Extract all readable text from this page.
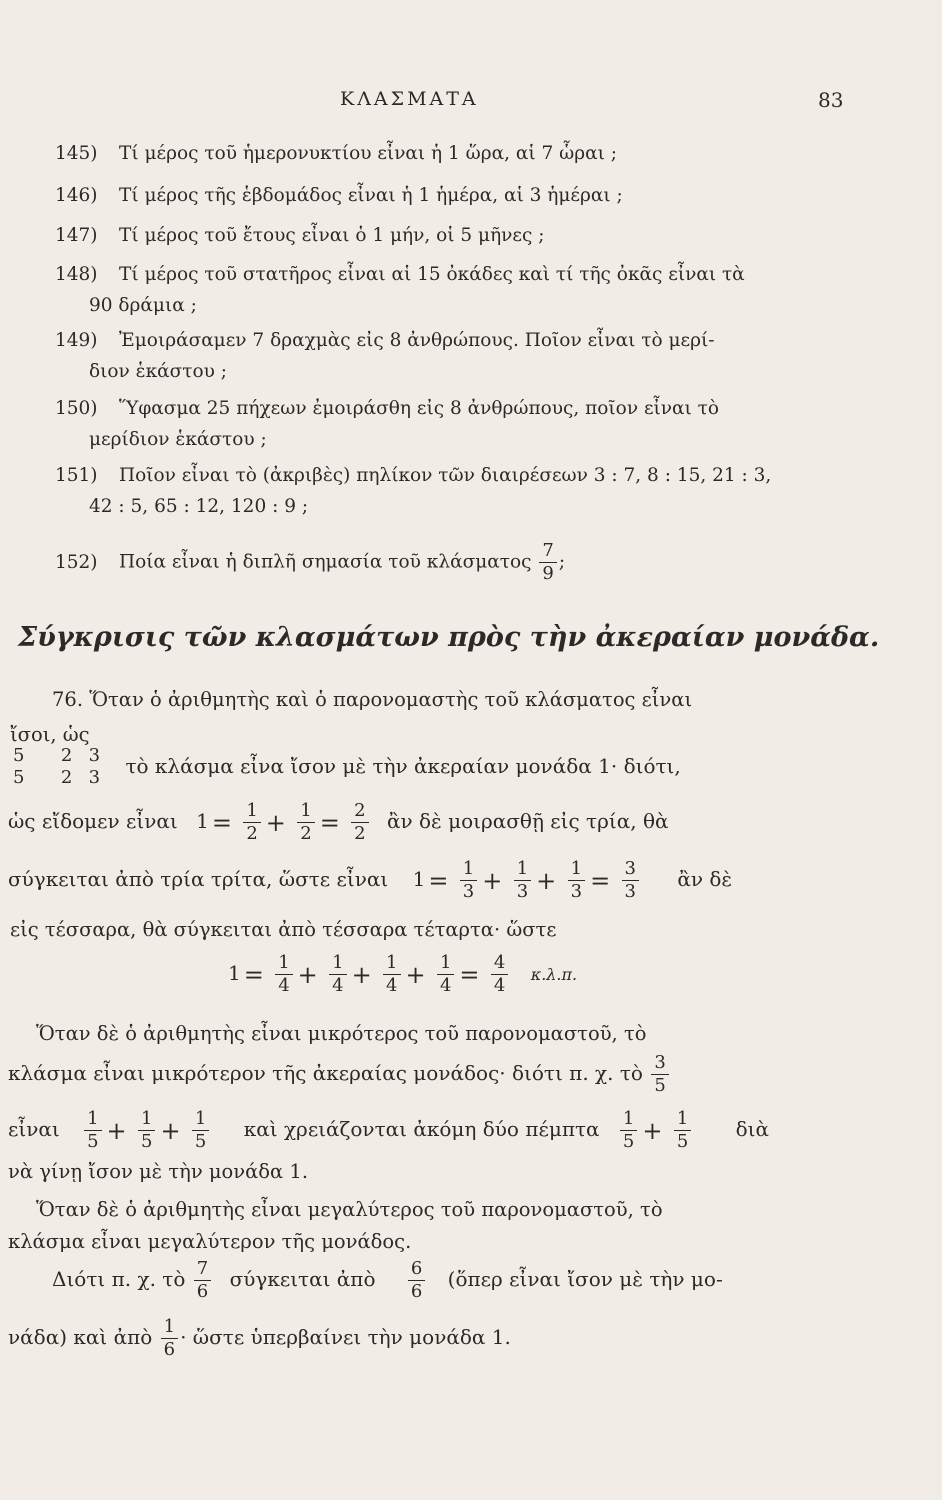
ΚΛΑΣΜΑΤΑ	83
145) Τί μέρος τοῦ ἡμερονυκτίου εἶναι ἡ 1 ὥρα, αἱ 7 ὧραι ;
146) Τί μέρος τῆς ἑβδομάδος εἶναι ἡ 1 ἡμέρα, αἱ 3 ἡμέραι ;
147) Τί μέρος τοῦ ἔτους εἶναι ὁ 1 μήν, οἱ 5 μῆνες ;
148) Τί μέρος τοῦ στατῆρος εἶναι αἱ 15 ὀκάδες καὶ τί τῆς ὀκᾶς εἶναι τὰ
90 δράμια ;
149) Ἐμοιράσαμεν 7 δραχμὰς εἰς 8 ἀνθρώπους. Ποῖον εἶναι τὸ μερί-
διον ἑκάστου ;
150) Ὕφασμα 25 πήχεων ἐμοιράσθη εἰς 8 ἀνθρώπους, ποῖον εἶναι τὸ
μερίδιον ἑκάστου ;
151) Ποῖον εἶναι τὸ (ἀκριβὲς) πηλίκον τῶν διαιρέσεων 3 : 7, 8 : 15, 21 : 3,
42 : 5, 65 : 12, 120 : 9 ;
152) Ποία εἶναι ἡ διπλῆ σημασία τοῦ κλάσματος $\frac{7}{9}$ ;
Σύγκρισις τῶν κλασμάτων πρὸς τὴν ἀκεραίαν μονάδα.
76. Ὅταν ὁ ἀριθμητὴς καὶ ὁ παρονομαστὴς τοῦ κλάσματος εἶναι
ἴσοι, ὡς
5
5

2
2

3
3 τὸ κλάσμα εἶνα ἴσον μὲ τὴν ἀκεραίαν μονάδα 1· διότι,
ὡς εἴδομεν εἶναι $1 = \frac{1}{2} + \frac{1}{2} = \frac{2}{2}$ ἂν δὲ μοιρασθῇ εἰς τρία, θὰ
σύγκειται ἀπὸ τρία τρίτα, ὥστε εἶναι $1 = \frac{1}{3} + \frac{1}{3} + \frac{1}{3} = \frac{3}{3}$ ἂν δὲ
εἰς τέσσαρα, θὰ σύγκειται ἀπὸ τέσσαρα τέταρτα· ὥστε
$1 = \frac{1}{4} + \frac{1}{4} + \frac{1}{4} + \frac{1}{4} = \frac{4}{4} \kappa.\lambda.\pi$.
Ὅταν δὲ ὁ ἀριθμητὴς εἶναι μικρότερος τοῦ παρονομαστοῦ, τὸ
κλάσμα εἶναι μικρότερον τῆς ἀκεραίας μονάδος· διότι π. χ. τὸ $\frac{3}{5}$
εἶναι $\frac{1}{5} + \frac{1}{5} + \frac{1}{5}$ καὶ χρειάζονται ἀκόμη δύο πέμπτα $\frac{1}{5} + \frac{1}{5}$ διὰ
νὰ γίνῃ ἴσον μὲ τὴν μονάδα 1.
Ὅταν δὲ ὁ ἀριθμητὴς εἶναι μεγαλύτερος τοῦ παρονομαστοῦ, τὸ
κλάσμα εἶναι μεγαλύτερον τῆς μονάδος.
Διότι π. χ. τὸ $\frac{7}{6}$ σύγκειται ἀπὸ $\frac{6}{6}$ (ὅπερ εἶναι ἴσον μὲ τὴν μο-
νάδα) καὶ ἀπὸ $\frac{1}{6}$ · ὥστε ὑπερβαίνει τὴν μονάδα 1.
